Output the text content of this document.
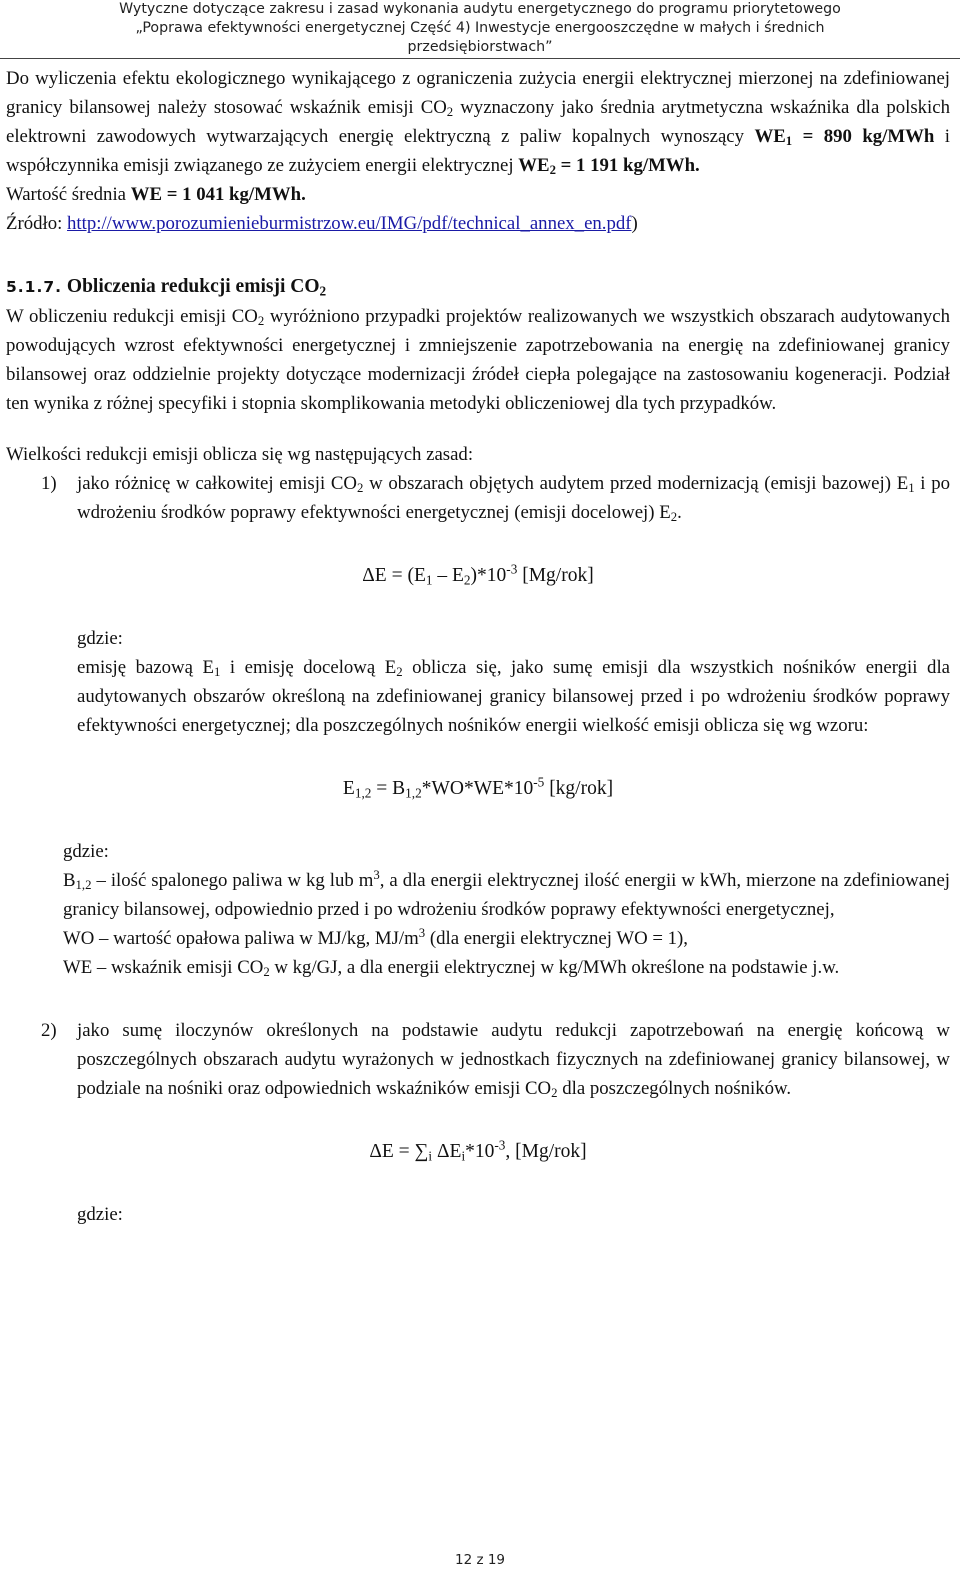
Wytyczne dotyczące zakresu i zasad wykonania audytu energetycznego do programu priorytetowego
„Poprawa efektywności energetycznej Część 4) Inwestycje energooszczędne w małych i średnich
przedsiębiorstwach”

Do wyliczenia efektu ekologicznego wynikającego z ograniczenia zużycia energii elektrycznej mierzonej na zdefiniowanej granicy bilansowej należy stosować wskaźnik emisji $CO_2$ wyznaczony jako średnia arytmetyczna wskaźnika dla polskich elektrowni zawodowych wytwarzających energię elektryczną z paliw kopalnych wynoszący $WE_1 = 890$ kg/MWh i współczynnika emisji związanego ze zużyciem energii elektrycznej $WE_2 = 1$ 191 kg/MWh.

Wartość średnia WE = 1 041 kg/MWh.

Źródło: http://www.porozumienieburmistrzow.eu/IMG/pdf/technical_annex_en.pdf)

5.1.7. Obliczenia redukcji emisji $CO_2$

W obliczeniu redukcji emisji $CO_2$ wyróżniono przypadki projektów realizowanych we wszystkich obszarach audytowanych powodujących wzrost efektywności energetycznej i zmniejszenie zapotrzebowania na energię na zdefiniowanej granicy bilansowej oraz oddzielnie projekty dotyczące modernizacji źródeł ciepła polegające na zastosowaniu kogeneracji. Podział ten wynika z różnej specyfiki i stopnia skomplikowania metodyki obliczeniowej dla tych przypadków.

Wielkości redukcji emisji oblicza się wg następujących zasad:

1) jako różnicę w całkowitej emisji $CO_2$ w obszarach objętych audytem przed modernizacją (emisji bazowej) $E_1$ i po wdrożeniu środków poprawy efektywności energetycznej (emisji docelowej) $E_2$.

$\Delta E = (E_1 - E_2)*10^{-3}$ [Mg/rok]

gdzie:

emisję bazową $E_1$ i emisję docelową $E_2$ oblicza się, jako sumę emisji dla wszystkich nośników energii dla audytowanych obszarów określoną na zdefiniowanej granicy bilansowej przed i po wdrożeniu środków poprawy efektywności energetycznej; dla poszczególnych nośników energii wielkość emisji oblicza się wg wzoru:

$E_{1,2} = B_{1,2}*WO*WE*10^{-5}$ [kg/rok]

gdzie:

$B_{1,2}$ – ilość spalonego paliwa w kg lub $m^3$, a dla energii elektrycznej ilość energii w kWh, mierzone na zdefiniowanej granicy bilansowej, odpowiednio przed i po wdrożeniu środków poprawy efektywności energetycznej,

WO – wartość opałowa paliwa w MJ/kg, $MJ/m^3$ (dla energii elektrycznej WO = 1),

WE – wskaźnik emisji $CO_2$ w kg/GJ, a dla energii elektrycznej w kg/MWh określone na podstawie j.w.

2) jako sumę iloczynów określonych na podstawie audytu redukcji zapotrzebowań na energię końcową w poszczególnych obszarach audytu wyrażonych w jednostkach fizycznych na zdefiniowanej granicy bilansowej, w podziale na nośniki oraz odpowiednich wskaźników emisji $CO_2$ dla poszczególnych nośników.

$\Delta E = \sum_i$ $\Delta E_i*10^{-3}$, [Mg/rok]

gdzie:

12 z 19
